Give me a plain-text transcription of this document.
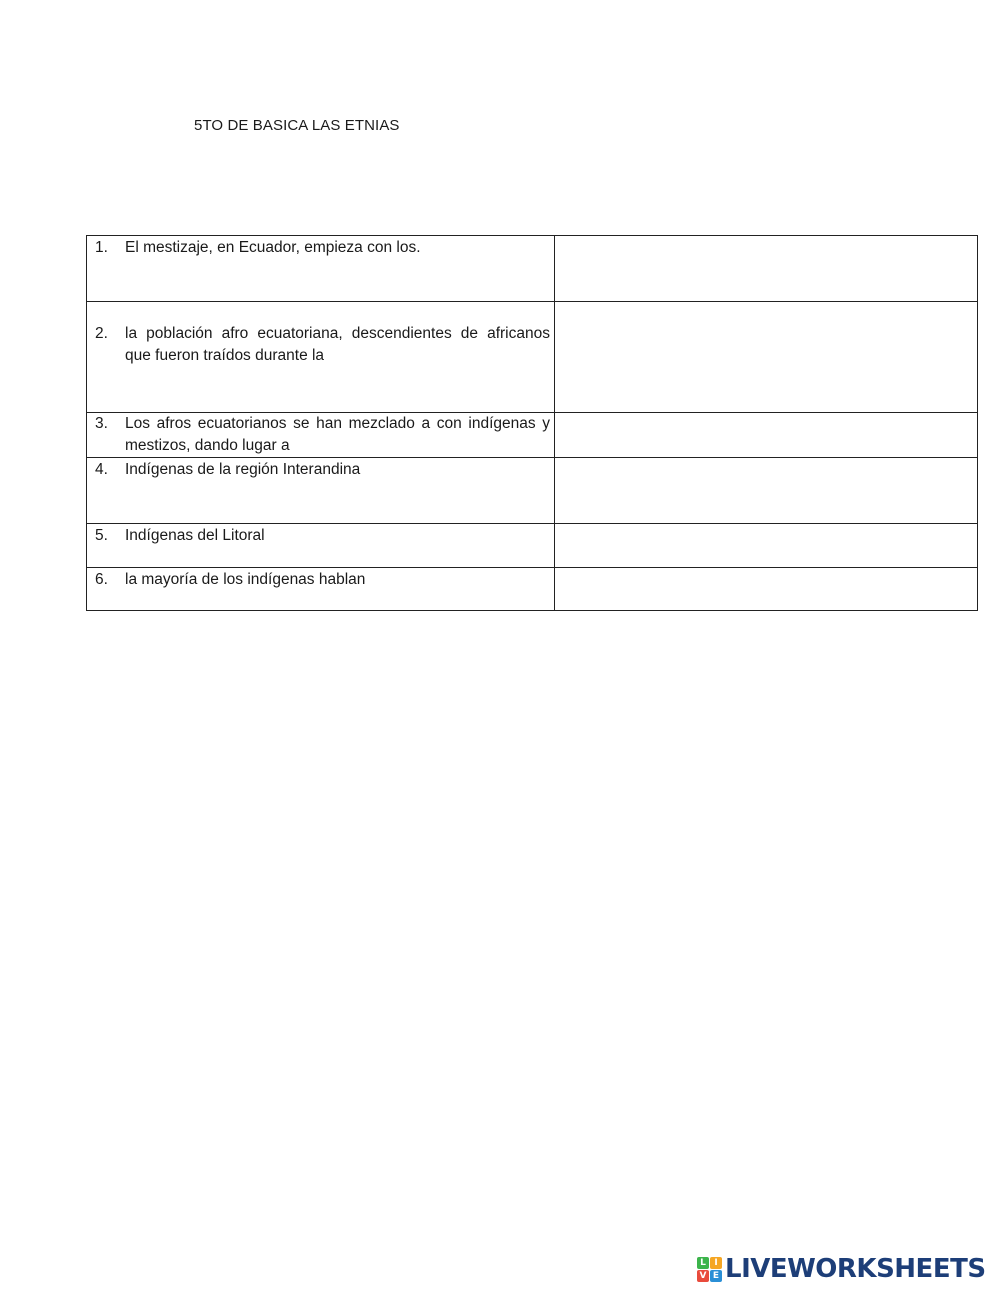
5TO DE BASICA LAS ETNIAS
1. El mestizaje, en Ecuador, empieza con los.	

2. la población afro ecuatoriana, descendientes de africanos que fueron traídos durante la	

3. Los afros ecuatorianos se han mezclado a con indígenas y mestizos, dando lugar a	

4. Indígenas de la región Interandina	

5. Indígenas del Litoral	

6. la mayoría de los indígenas hablan	

L I
V E LIVEWORKSHEETS
